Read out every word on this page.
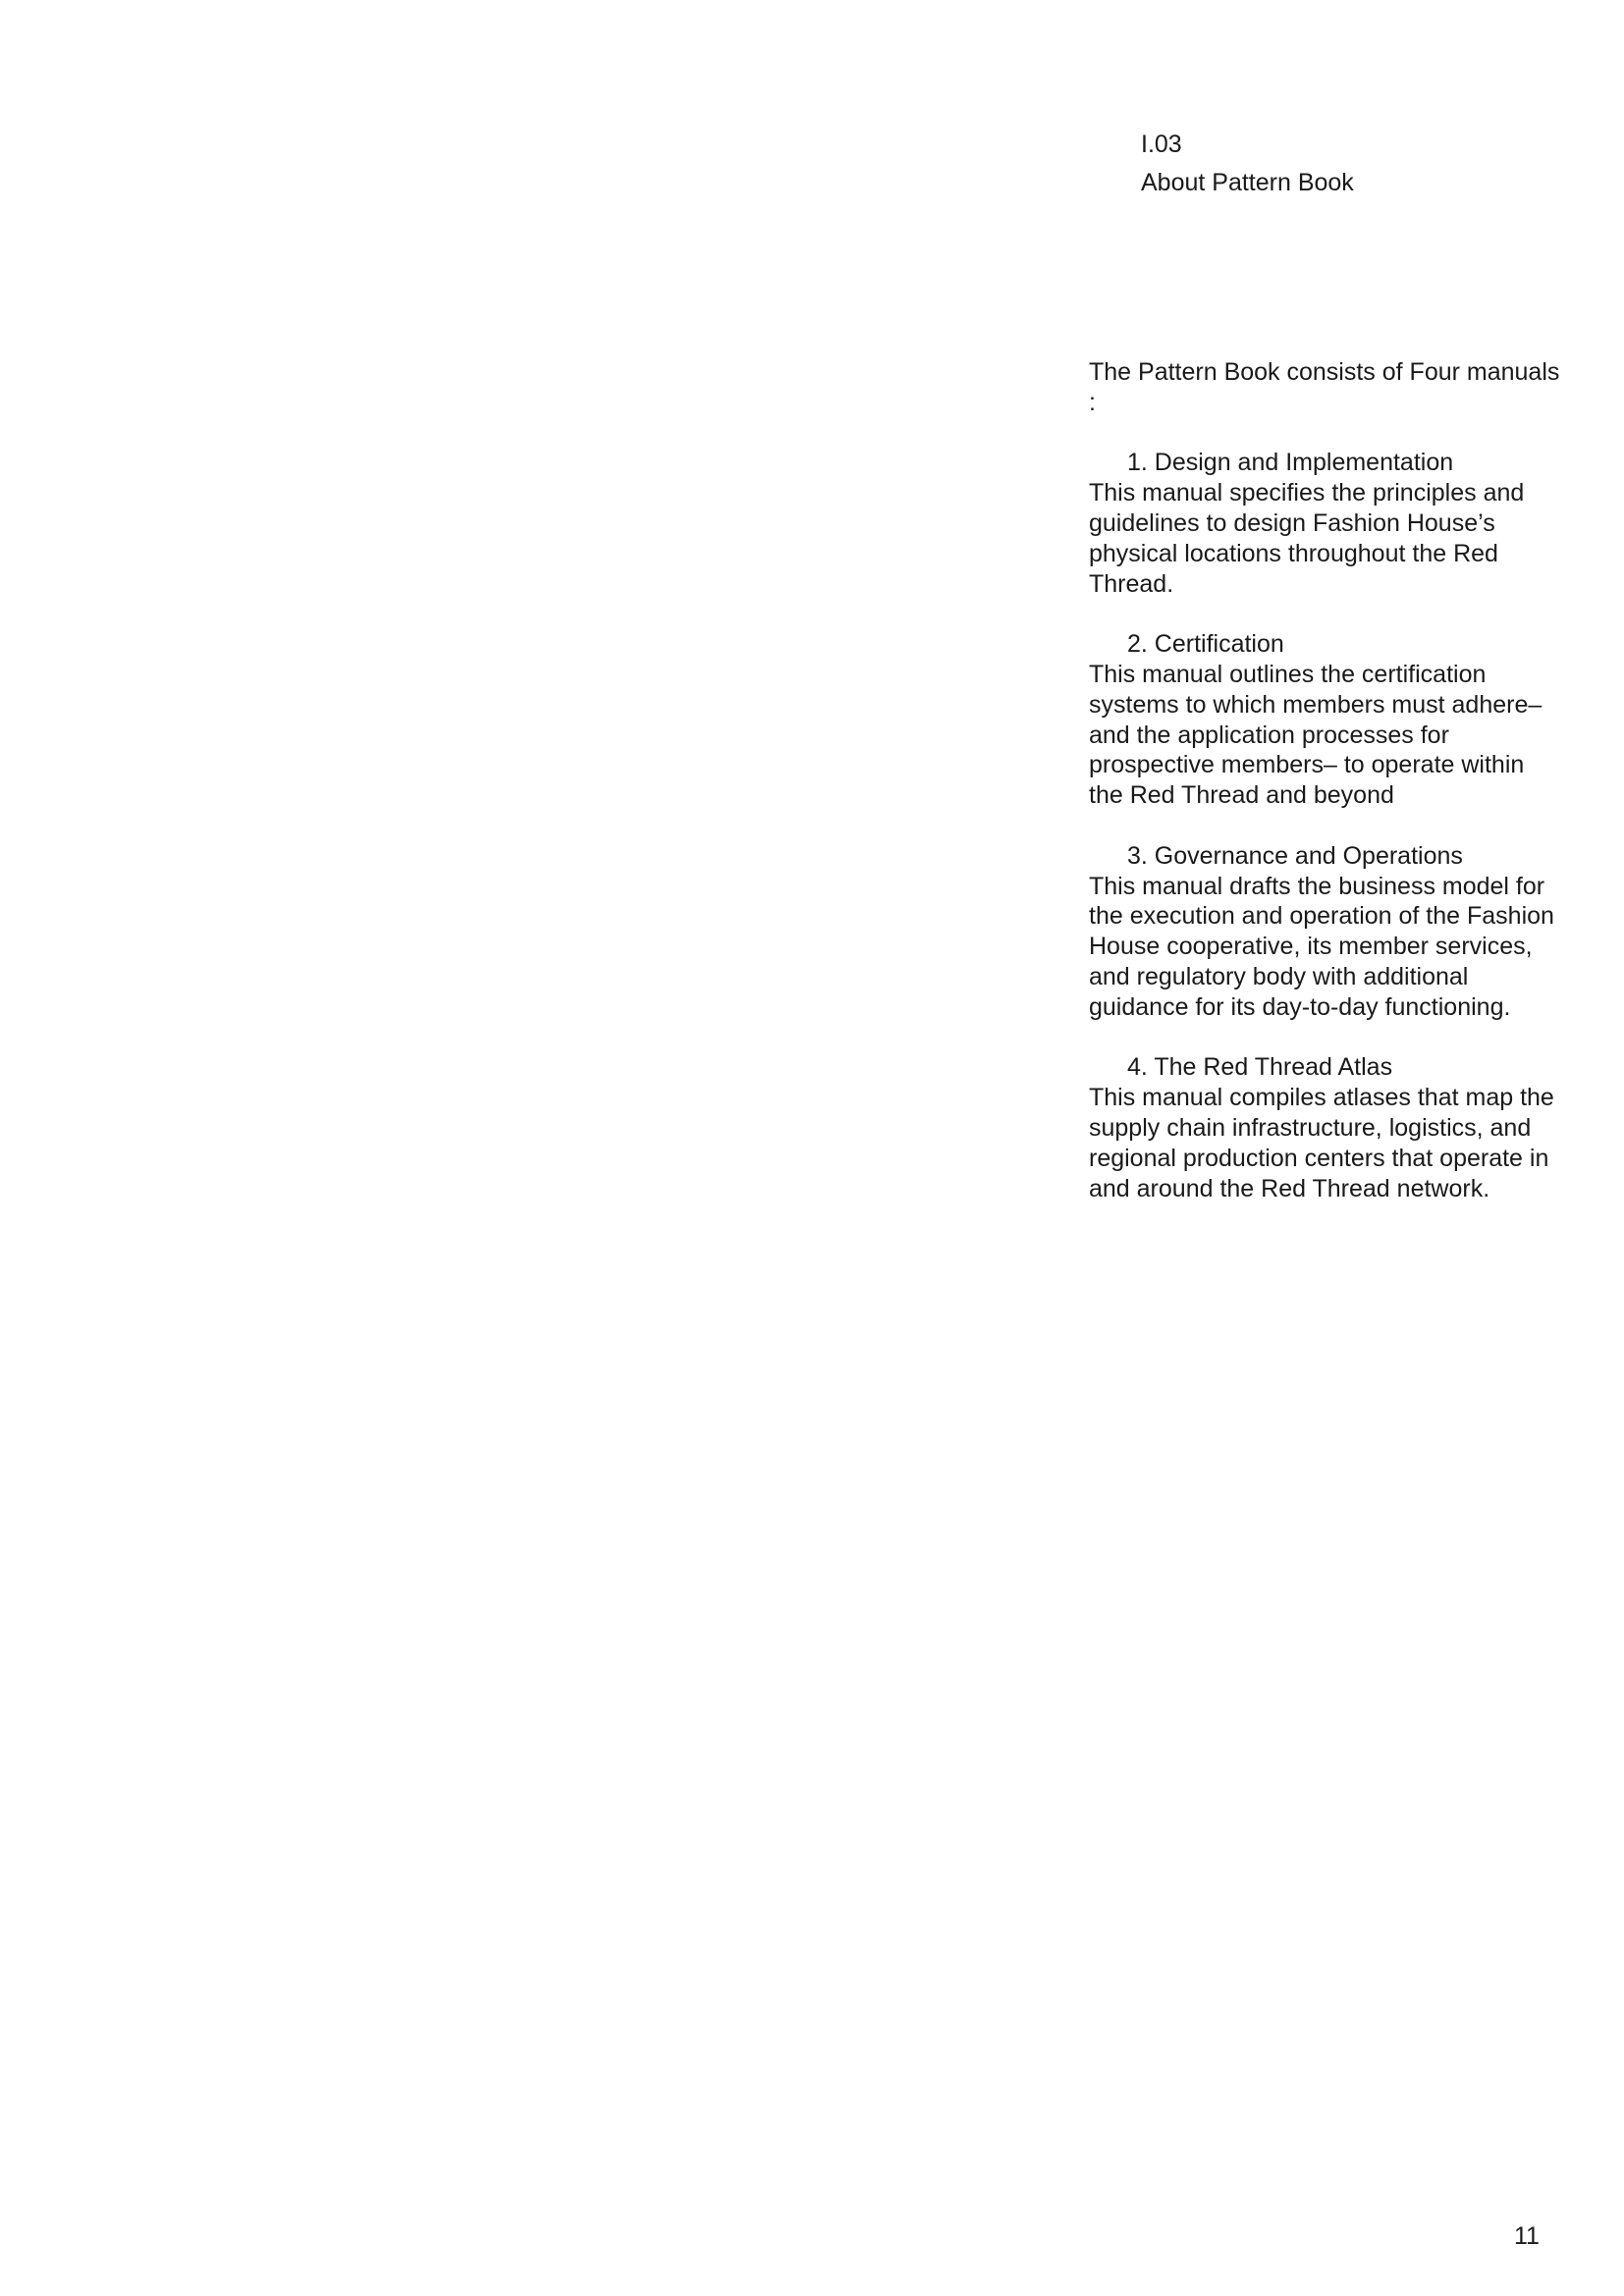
I.03
About Pattern Book

The Pattern Book consists of Four manuals :

1. Design and Implementation

This manual specifies the principles and guidelines to design Fashion House’s physical locations throughout the Red Thread.

2. Certification

This manual outlines the certification systems to which members must adhere–and the application processes for prospective members– to operate within the Red Thread and beyond

3. Governance and Operations

This manual drafts the business model for the execution and operation of the Fashion House cooperative, its member services, and regulatory body with additional guidance for its day-to-day functioning.

4. The Red Thread Atlas

This manual compiles atlases that map the supply chain infrastructure, logistics, and regional production centers that operate in and around the Red Thread network.

11
